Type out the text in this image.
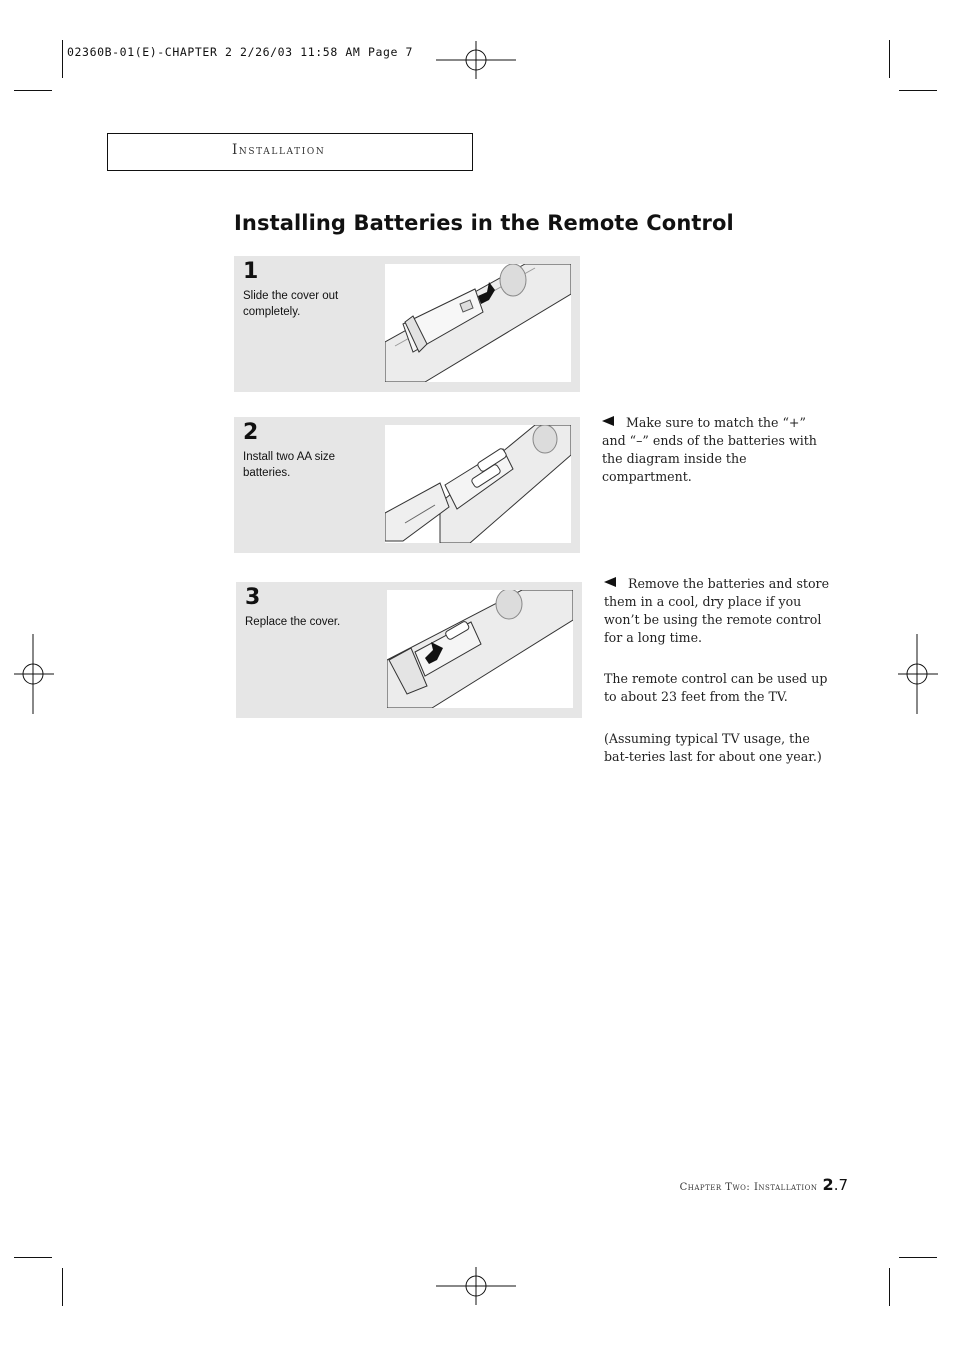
02360B-01(E)-CHAPTER 2 2/26/03 11:58 AM Page 7
Installation
Installing Batteries in the Remote Control
1
Slide the cover out completely.
2
Install two AA size batteries.
3
Replace the cover.
Make sure to match the “+” and “–” ends of the batteries with the diagram inside the compartment.
Remove the batteries and store them in a cool, dry place if you won’t be using the remote control for a long time.
The remote control can be used up to about 23 feet from the TV.
(Assuming typical TV usage, the bat-teries last for about one year.)
Chapter Two: Installation 2.7
